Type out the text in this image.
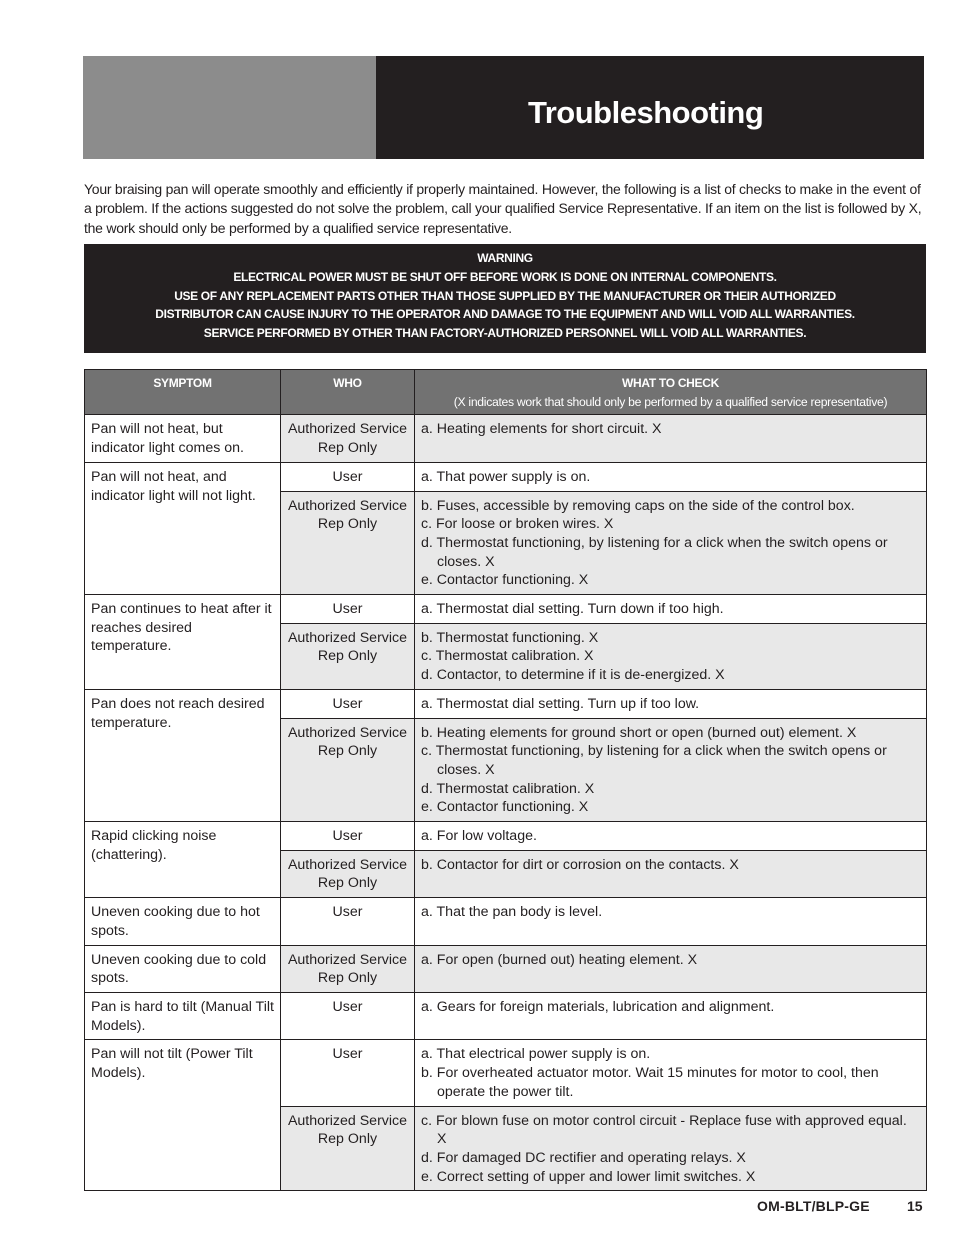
Troubleshooting
Your braising pan will operate smoothly and efficiently if properly maintained. However, the following is a list of checks to make in the event of a problem. If the actions suggested do not solve the problem, call your qualified Service Representative. If an item on the list is followed by X, the work should only be performed by a qualified service representative.
WARNING
ELECTRICAL POWER MUST BE SHUT OFF BEFORE WORK IS DONE ON INTERNAL COMPONENTS.
USE OF ANY REPLACEMENT PARTS OTHER THAN THOSE SUPPLIED BY THE MANUFACTURER OR THEIR AUTHORIZED
DISTRIBUTOR CAN CAUSE INJURY TO THE OPERATOR AND DAMAGE TO THE EQUIPMENT AND WILL VOID ALL WARRANTIES.
SERVICE PERFORMED BY OTHER THAN FACTORY-AUTHORIZED PERSONNEL WILL VOID ALL WARRANTIES.
SYMPTOM	WHO	WHAT TO CHECK
(X indicates work that should only be performed by a qualified service representative)

Pan will not heat, but indicator light comes on.	Authorized Service Rep Only	a. Heating elements for short circuit. X

Pan will not heat, and indicator light will not light.	User	a. That power supply is on.

	Authorized Service Rep Only	b. Fuses, accessible by removing caps on the side of the control box.
c. For loose or broken wires. X
d. Thermostat functioning, by listening for a click when the switch opens or closes. X
e. Contactor functioning. X

Pan continues to heat after it reaches desired temperature.	User	a. Thermostat dial setting. Turn down if too high.

	Authorized Service Rep Only	b. Thermostat functioning. X
c. Thermostat calibration. X
d. Contactor, to determine if it is de-energized. X

Pan does not reach desired temperature.	User	a. Thermostat dial setting. Turn up if too low.

	Authorized Service Rep Only	b. Heating elements for ground short or open (burned out) element. X
c. Thermostat functioning, by listening for a click when the switch opens or closes. X
d. Thermostat calibration. X
e. Contactor functioning. X

Rapid clicking noise (chattering).	User	a. For low voltage.

	Authorized Service Rep Only	b. Contactor for dirt or corrosion on the contacts. X

Uneven cooking due to hot spots.	User	a. That the pan body is level.

Uneven cooking due to cold spots.	Authorized Service Rep Only	a. For open (burned out) heating element. X

Pan is hard to tilt (Manual Tilt Models).	User	a. Gears for foreign materials, lubrication and alignment.

Pan will not tilt (Power Tilt Models).	User	a. That electrical power supply is on.
b. For overheated actuator motor. Wait 15 minutes for motor to cool, then operate the power tilt.

	Authorized Service Rep Only	c. For blown fuse on motor control circuit - Replace fuse with approved equal. X
d. For damaged DC rectifier and operating relays. X
e. Correct setting of upper and lower limit switches. X
OM-BLT/BLP-GE	15
